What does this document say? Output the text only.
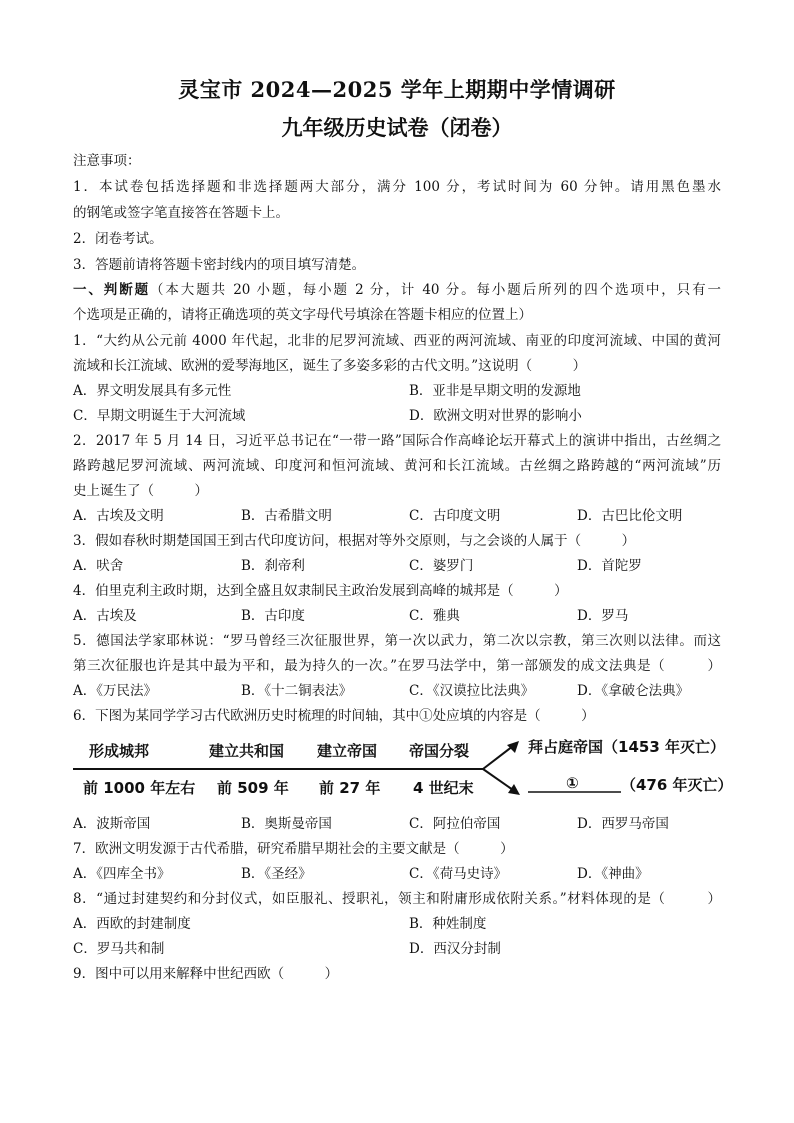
灵宝市 2024—2025 学年上期期中学情调研
九年级历史试卷（闭卷）
注意事项：
1．本试卷包括选择题和非选择题两大部分，满分 100 分，考试时间为 60 分钟。请用黑色墨水
的钢笔或签字笔直接答在答题卡上。
2．闭卷考试。
3．答题前请将答题卡密封线内的项目填写清楚。
一、判断题（本大题共 20 小题，每小题 2 分，计 40 分。每小题后所列的四个选项中，只有一
个选项是正确的，请将正确选项的英文字母代号填涂在答题卡相应的位置上）
1．“大约从公元前 4000 年代起，北非的尼罗河流域、西亚的两河流域、南亚的印度河流域、中国的黄河
流域和长江流域、欧洲的爱琴海地区，诞生了多姿多彩的古代文明。”这说明（　　　）
A．界文明发展具有多元性	B．亚非是早期文明的发源地
C．早期文明诞生于大河流域	D．欧洲文明对世界的影响小
2．2017 年 5 月 14 日，习近平总书记在“一带一路”国际合作高峰论坛开幕式上的演讲中指出，古丝绸之
路跨越尼罗河流域、两河流域、印度河和恒河流域、黄河和长江流域。古丝绸之路跨越的“两河流域”历
史上诞生了（　　　）
A．古埃及文明	B．古希腊文明	C．古印度文明	D．古巴比伦文明
3．假如春秋时期楚国国王到古代印度访问，根据对等外交原则，与之会谈的人属于（　　　）
A．吠舍	B．刹帝利	C．婆罗门	D．首陀罗
4．伯里克利主政时期，达到全盛且奴隶制民主政治发展到高峰的城邦是（　　　）
A．古埃及	B．古印度	C．雅典	D．罗马
5．德国法学家耶林说：“罗马曾经三次征服世界，第一次以武力，第二次以宗教，第三次则以法律。而这
第三次征服也许是其中最为平和，最为持久的一次。”在罗马法学中，第一部颁发的成文法典是（　　　）
A．《万民法》	B．《十二铜表法》	C．《汉谟拉比法典》	D．《拿破仑法典》
6．下图为某同学学习古代欧洲历史时梳理的时间轴，其中①处应填的内容是（　　　）
形成城邦	建立共和国 建立帝国 帝国分裂
前 1000 年左右 前 509 年 前 27 年 4 世纪末
拜占庭帝国（1453 年灭亡）
①	（476 年灭亡）
A．波斯帝国	B．奥斯曼帝国	C．阿拉伯帝国	D．西罗马帝国
7．欧洲文明发源于古代希腊，研究希腊早期社会的主要文献是（　　　）
A．《四库全书》	B．《圣经》	C．《荷马史诗》	D．《神曲》
8．“通过封建契约和分封仪式，如臣服礼、授职礼，领主和附庸形成依附关系。”材料体现的是（　　　）
A．西欧的封建制度	B．种姓制度
C．罗马共和制	D．西汉分封制
9．图中可以用来解释中世纪西欧（　　　）
